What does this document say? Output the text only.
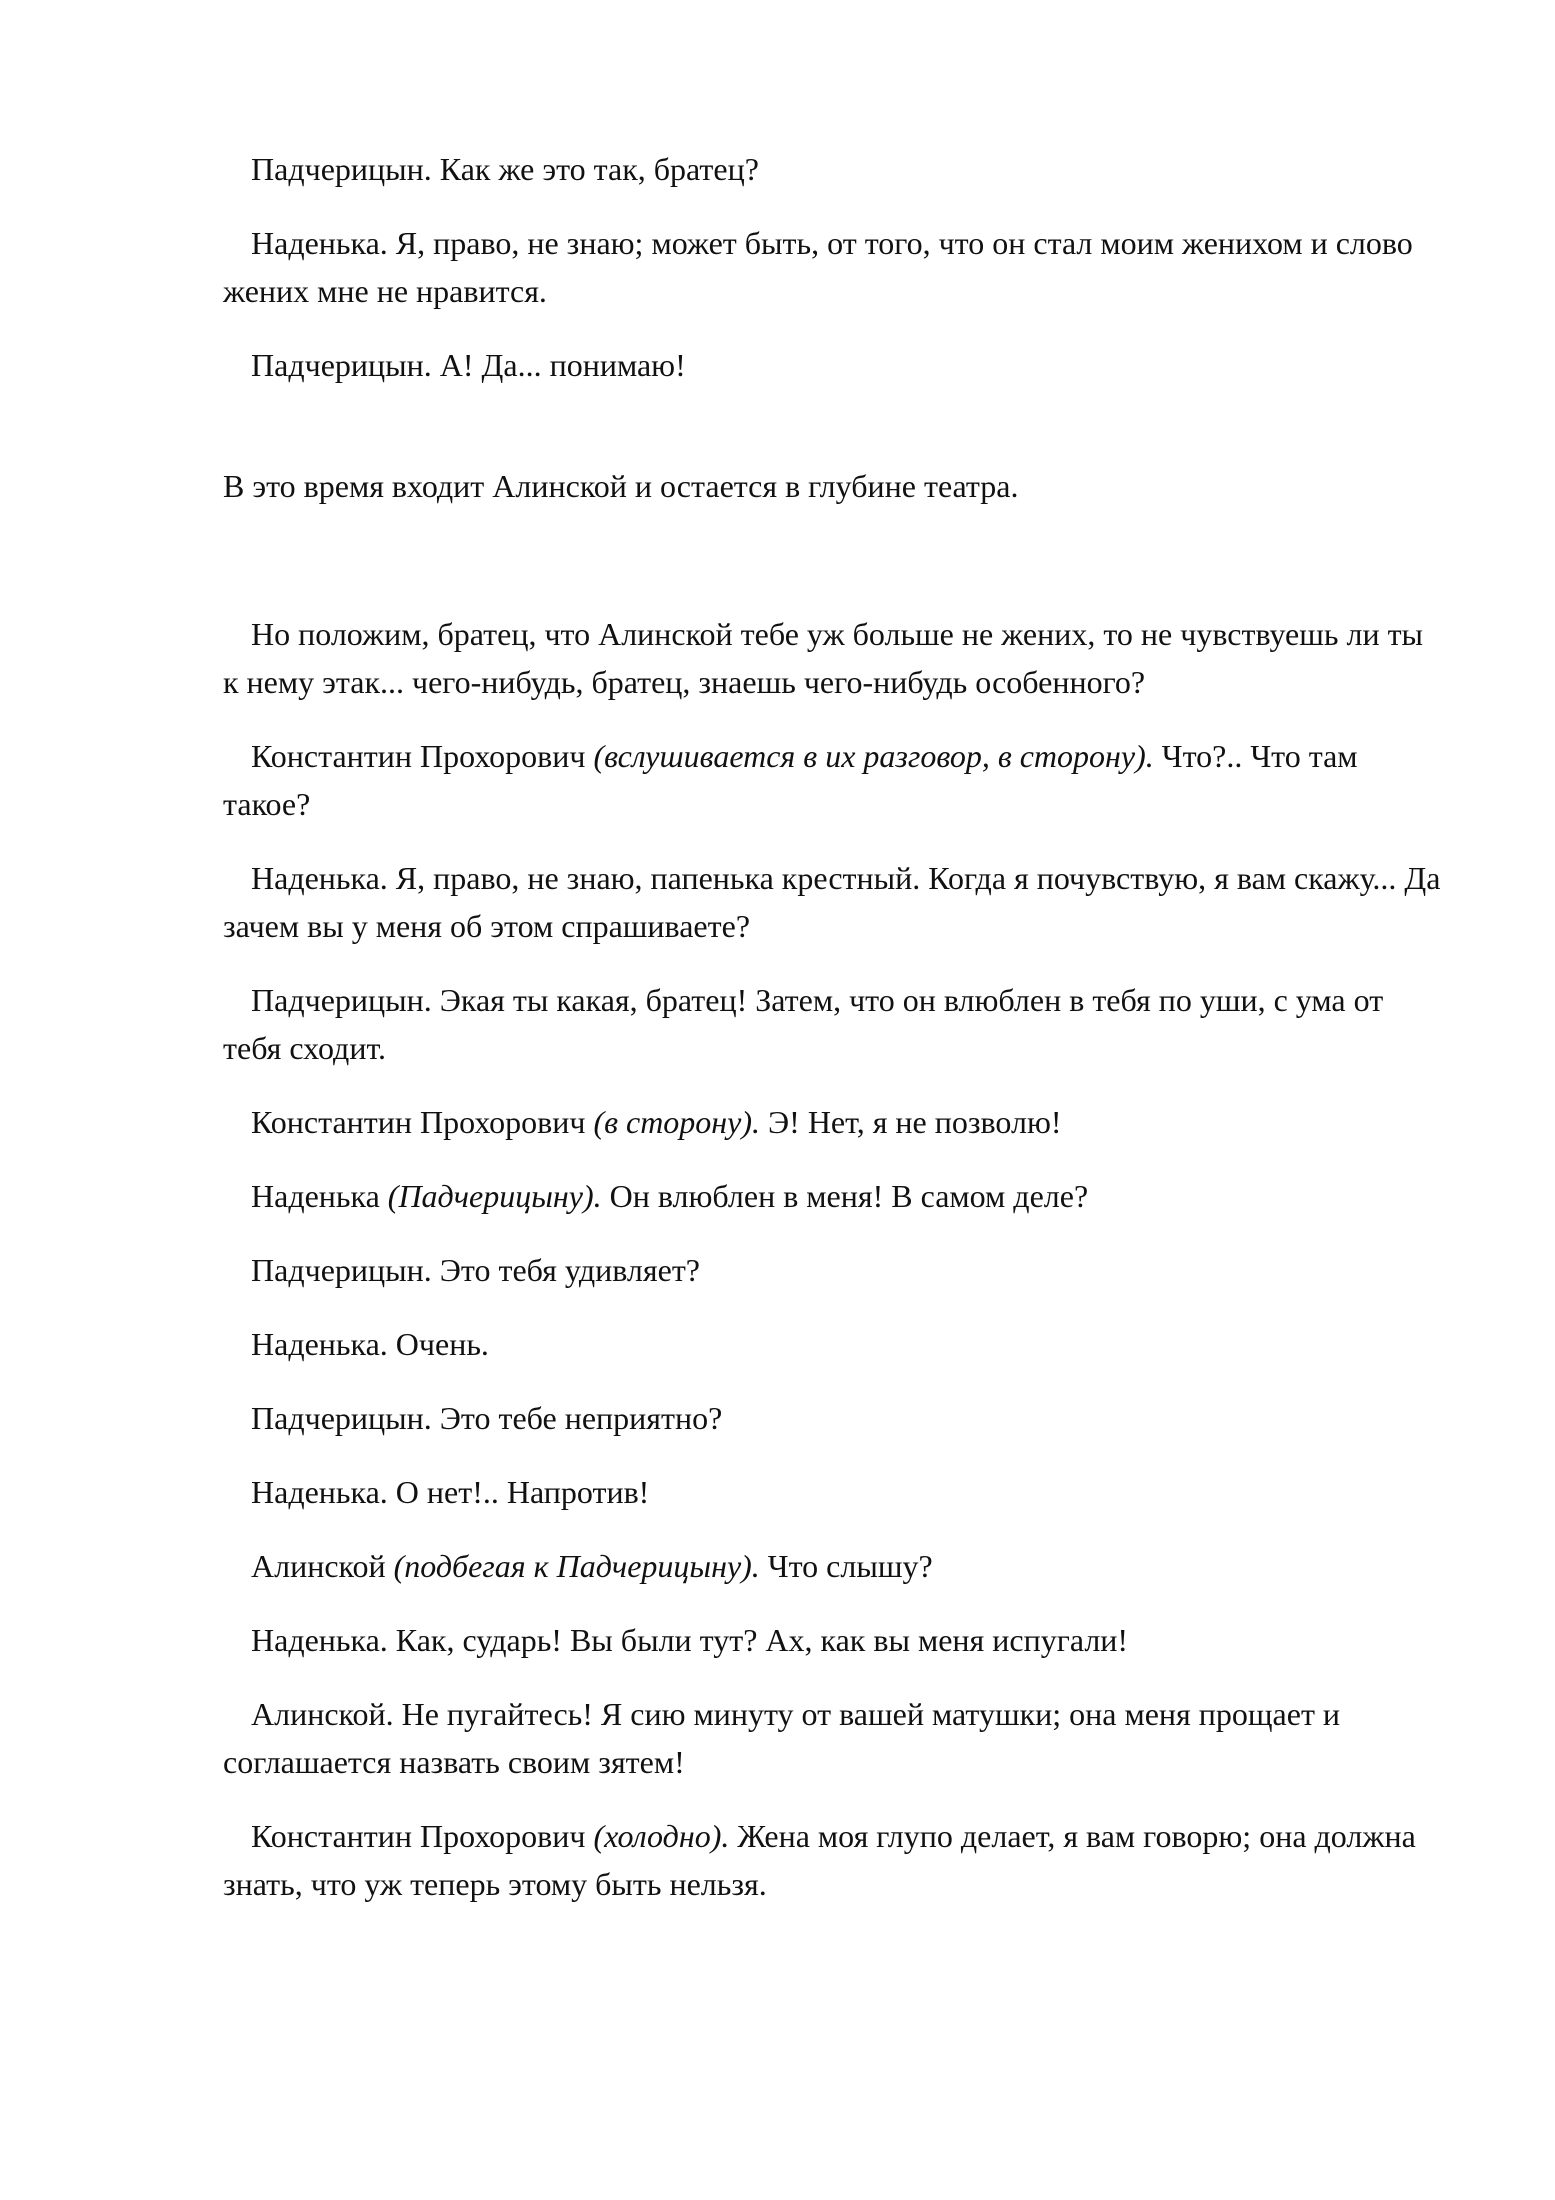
Падчерицын. Как же это так, братец?

Наденька. Я, право, не знаю; может быть, от того, что он стал моим женихом и слово жених мне не нравится.

Падчерицын. А! Да... понимаю!

В это время входит Алинской и остается в глубине театра.

Но положим, братец, что Алинской тебе уж больше не жених, то не чувствуешь ли ты к нему этак... чего-нибудь, братец, знаешь чего-нибудь особенного?

Константин Прохорович (вслушивается в их разговор, в сторону). Что?.. Что там такое?

Наденька. Я, право, не знаю, папенька крестный. Когда я почувствую, я вам скажу... Да зачем вы у меня об этом спрашиваете?

Падчерицын. Экая ты какая, братец! Затем, что он влюблен в тебя по уши, с ума от тебя сходит.

Константин Прохорович (в сторону). Э! Нет, я не позволю!

Наденька (Падчерицыну). Он влюблен в меня! В самом деле?

Падчерицын. Это тебя удивляет?

Наденька. Очень.

Падчерицын. Это тебе неприятно?

Наденька. О нет!.. Напротив!

Алинской (подбегая к Падчерицыну). Что слышу?

Наденька. Как, сударь! Вы были тут? Ах, как вы меня испугали!

Алинской. Не пугайтесь! Я сию минуту от вашей матушки; она меня прощает и соглашается назвать своим зятем!

Константин Прохорович (холодно). Жена моя глупо делает, я вам говорю; она должна знать, что уж теперь этому быть нельзя.
